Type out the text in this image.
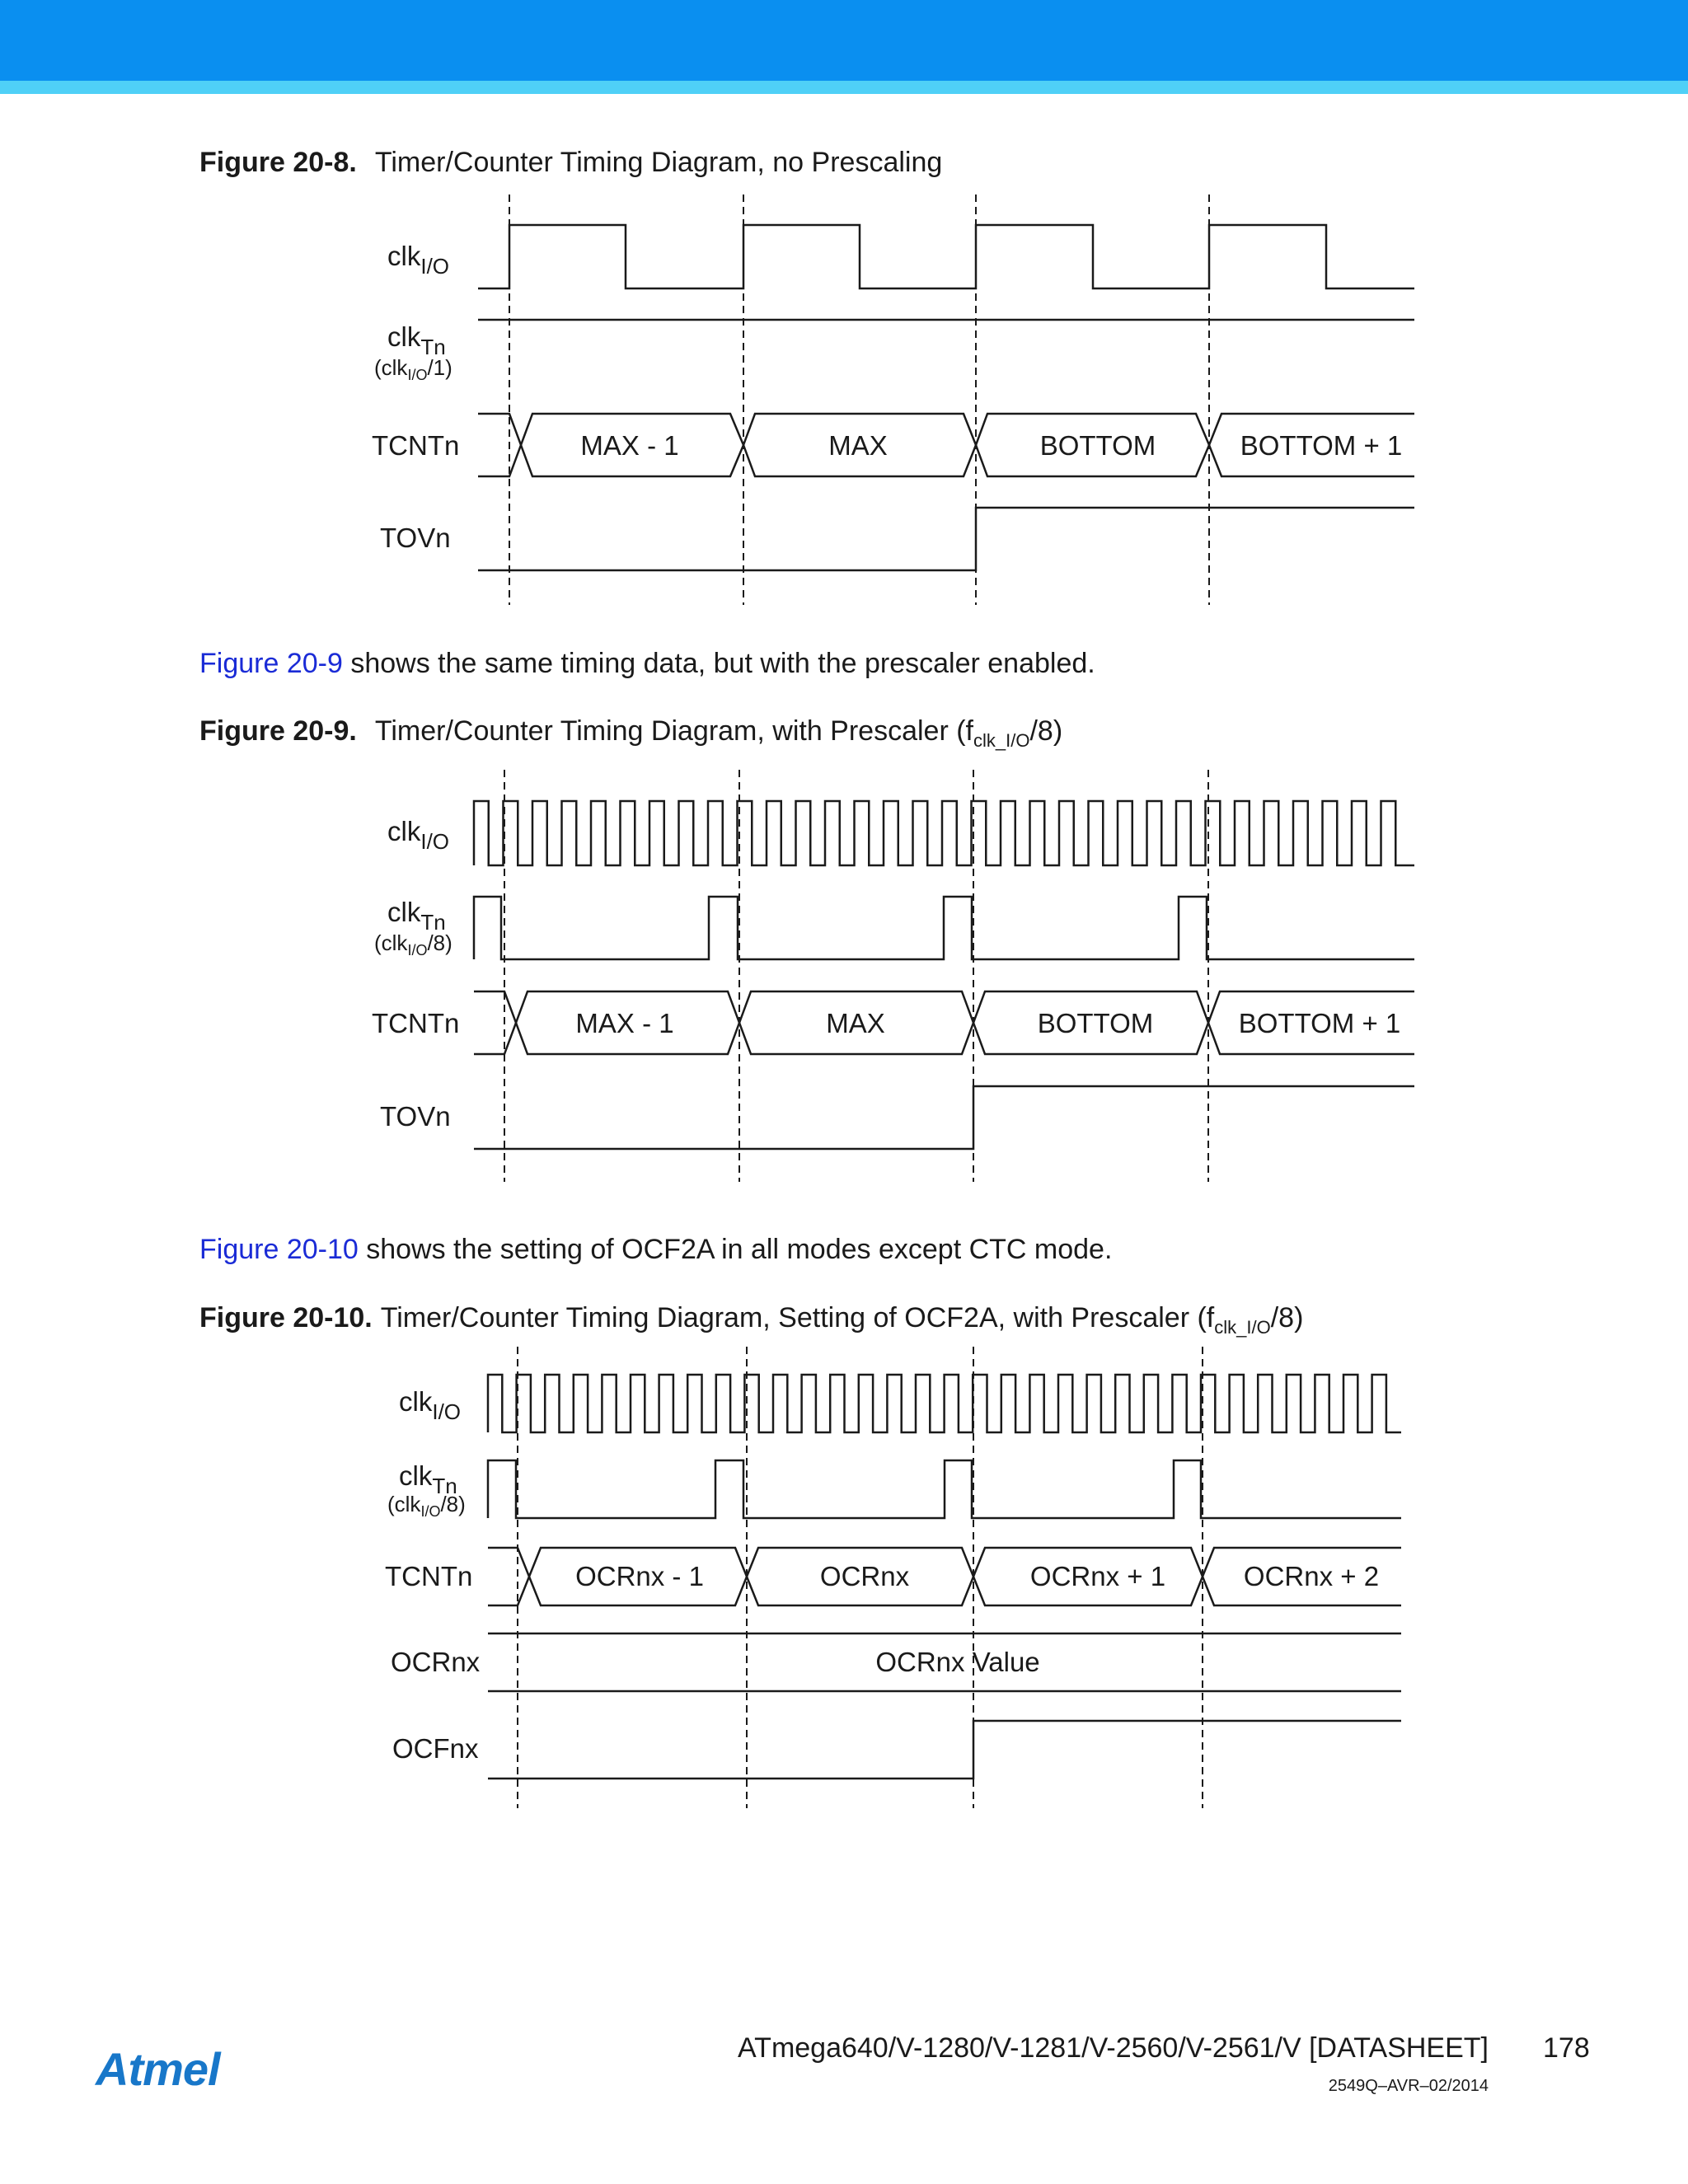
Figure 20-8. Timer/Counter Timing Diagram, no Prescaling
clk$_{I/O}$
clk$_{Tn}$
(clk$_{I/O}$/1)
TCNTn
TOVn
MAX - 1	MAX	BOTTOM	BOTTOM + 1
Figure 20-9 shows the same timing data, but with the prescaler enabled.
Figure 20-9. Timer/Counter Timing Diagram, with Prescaler $(f_{clk\_I/O}/8)$
clk$_{I/O}$
clk$_{Tn}$
(clk$_{I/O}$/8)
TCNTn
TOVn
MAX - 1	MAX	BOTTOM	BOTTOM + 1
Figure 20-10 shows the setting of OCF2A in all modes except CTC mode.
Figure 20-10. Timer/Counter Timing Diagram, Setting of OCF2A, with Prescaler $(f_{clk\_I/O}/8)$
clk$_{I/O}$
clk$_{Tn}$
(clk$_{I/O}$/8)
TCNTn
OCRnx
OCFnx
OCRnx - 1	OCRnx	OCRnx + 1	OCRnx + 2
OCRnx Value
Atmel	ATmega640/V-1280/V-1281/V-2560/V-2561/V [DATASHEET] 178
2549Q–AVR–02/2014
